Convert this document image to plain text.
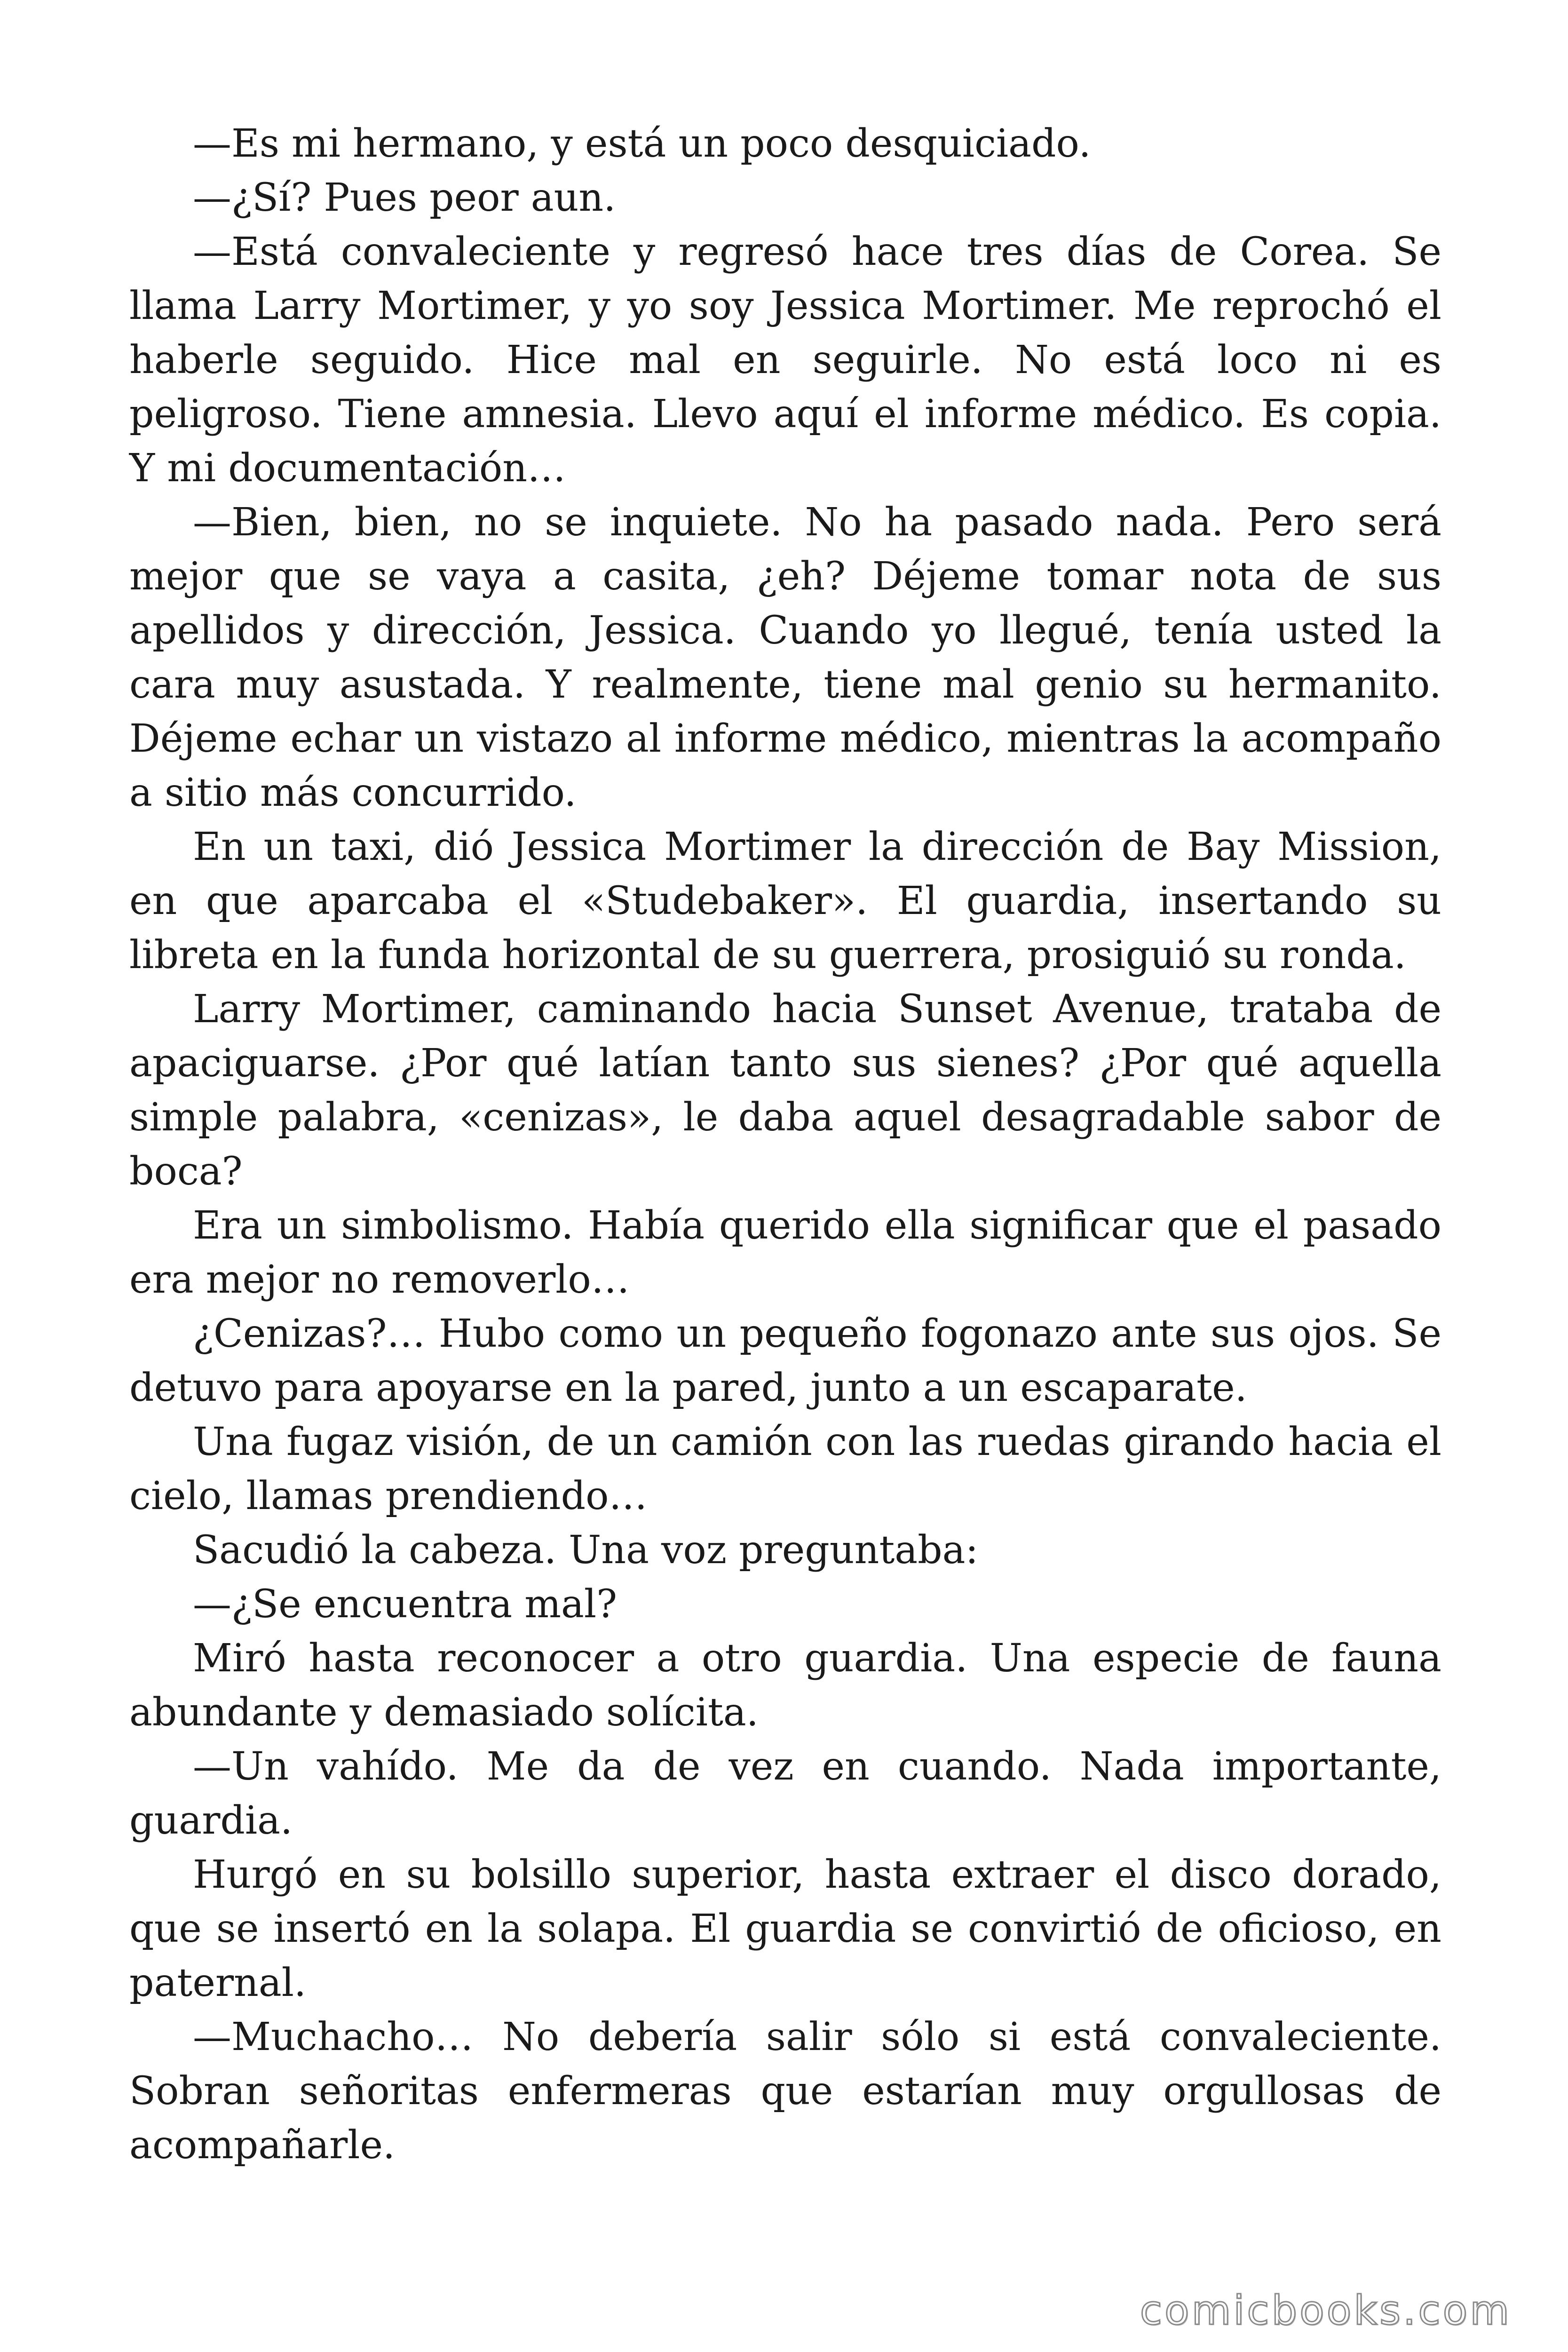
—Es mi hermano, y está un poco desquiciado.

—¿Sí? Pues peor aun.

—Está convaleciente y regresó hace tres días de Corea. Se llama Larry Mortimer, y yo soy Jessica Mortimer. Me reprochó el haberle seguido. Hice mal en seguirle. No está loco ni es peligroso. Tiene amnesia. Llevo aquí el informe médico. Es copia. Y mi documentación…

—Bien, bien, no se inquiete. No ha pasado nada. Pero será mejor que se vaya a casita, ¿eh? Déjeme tomar nota de sus apellidos y dirección, Jessica. Cuando yo llegué, tenía usted la cara muy asustada. Y realmente, tiene mal genio su hermanito. Déjeme echar un vistazo al informe médico, mientras la acompaño a sitio más concurrido.

En un taxi, dió Jessica Mortimer la dirección de Bay Mission, en que aparcaba el «Studebaker». El guardia, insertando su libreta en la funda horizontal de su guerrera, prosiguió su ronda.

Larry Mortimer, caminando hacia Sunset Avenue, trataba de apaciguarse. ¿Por qué latían tanto sus sienes? ¿Por qué aquella simple palabra, «cenizas», le daba aquel desagradable sabor de boca?

Era un simbolismo. Había querido ella significar que el pasado era mejor no removerlo…

¿Cenizas?… Hubo como un pequeño fogonazo ante sus ojos. Se detuvo para apoyarse en la pared, junto a un escaparate.

Una fugaz visión, de un camión con las ruedas girando hacia el cielo, llamas prendiendo…

Sacudió la cabeza. Una voz preguntaba:

—¿Se encuentra mal?

Miró hasta reconocer a otro guardia. Una especie de fauna abundante y demasiado solícita.

—Un vahído. Me da de vez en cuando. Nada importante, guardia.

Hurgó en su bolsillo superior, hasta extraer el disco dorado, que se insertó en la solapa. El guardia se convirtió de oficioso, en paternal.

—Muchacho… No debería salir sólo si está convaleciente. Sobran señoritas enfermeras que estarían muy orgullosas de acompañarle.

comicbooks.com
